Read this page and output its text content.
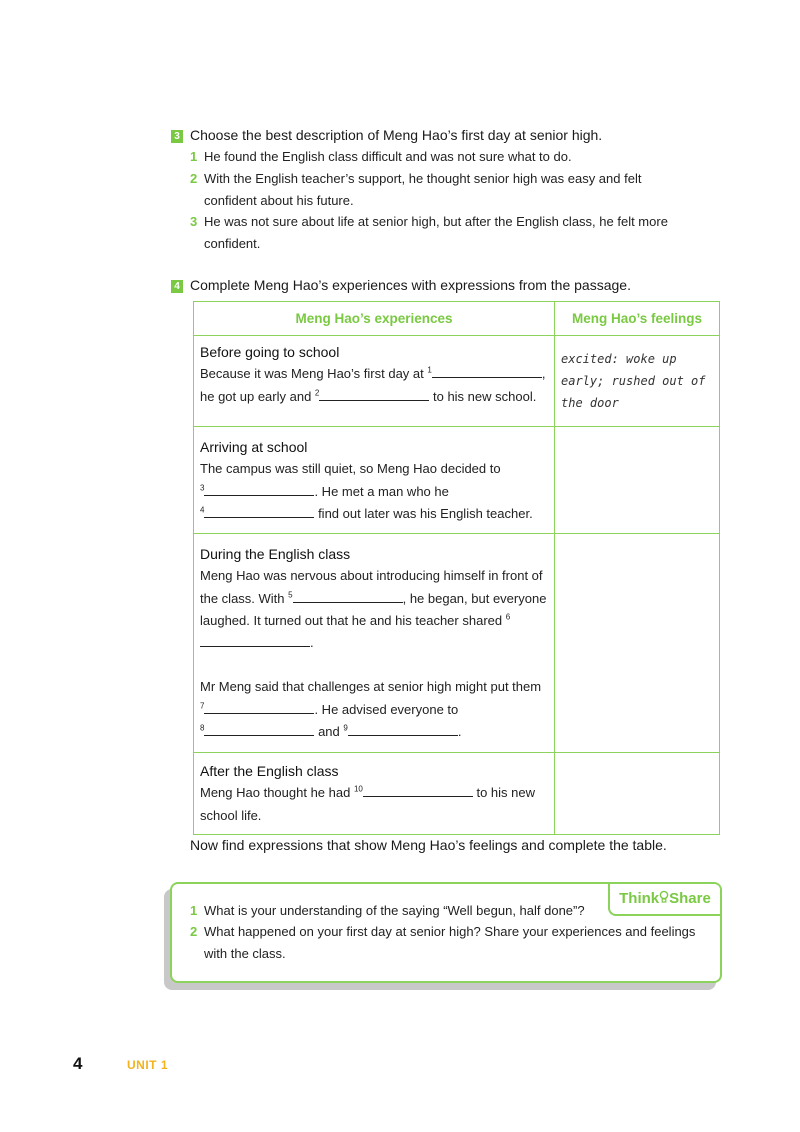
3 Choose the best description of Meng Hao’s first day at senior high.
1 He found the English class difficult and was not sure what to do.
2 With the English teacher’s support, he thought senior high was easy and felt confident about his future.
3 He was not sure about life at senior high, but after the English class, he felt more confident.
4 Complete Meng Hao’s experiences with expressions from the passage.
Meng Hao’s experiences	Meng Hao’s feelings

Before going to school
Because it was Meng Hao’s first day at $^1$ , he got up early and $^2$ to his new school.	excited: woke up early; rushed out of the door

Arriving at school
The campus was still quiet, so Meng Hao decided to
$^3$ . He met a man who he
$^4$ find out later was his English teacher.	

During the English class
Meng Hao was nervous about introducing himself in front of the class. With $^5$ , he began, but everyone laughed. It turned out that he and his teacher shared $^6$.
Mr Meng said that challenges at senior high might put them $^7$ . He advised everyone to
$^8$ and $^9$ .	

After the English class
Meng Hao thought he had $^{10}$ to his new school life.	

Now find expressions that show Meng Hao’s feelings and complete the table.
Think Share
1 What is your understanding of the saying “Well begun, half done”?
2 What happened on your first day at senior high? Share your experiences and feelings with the class.
4	UNIT 1
